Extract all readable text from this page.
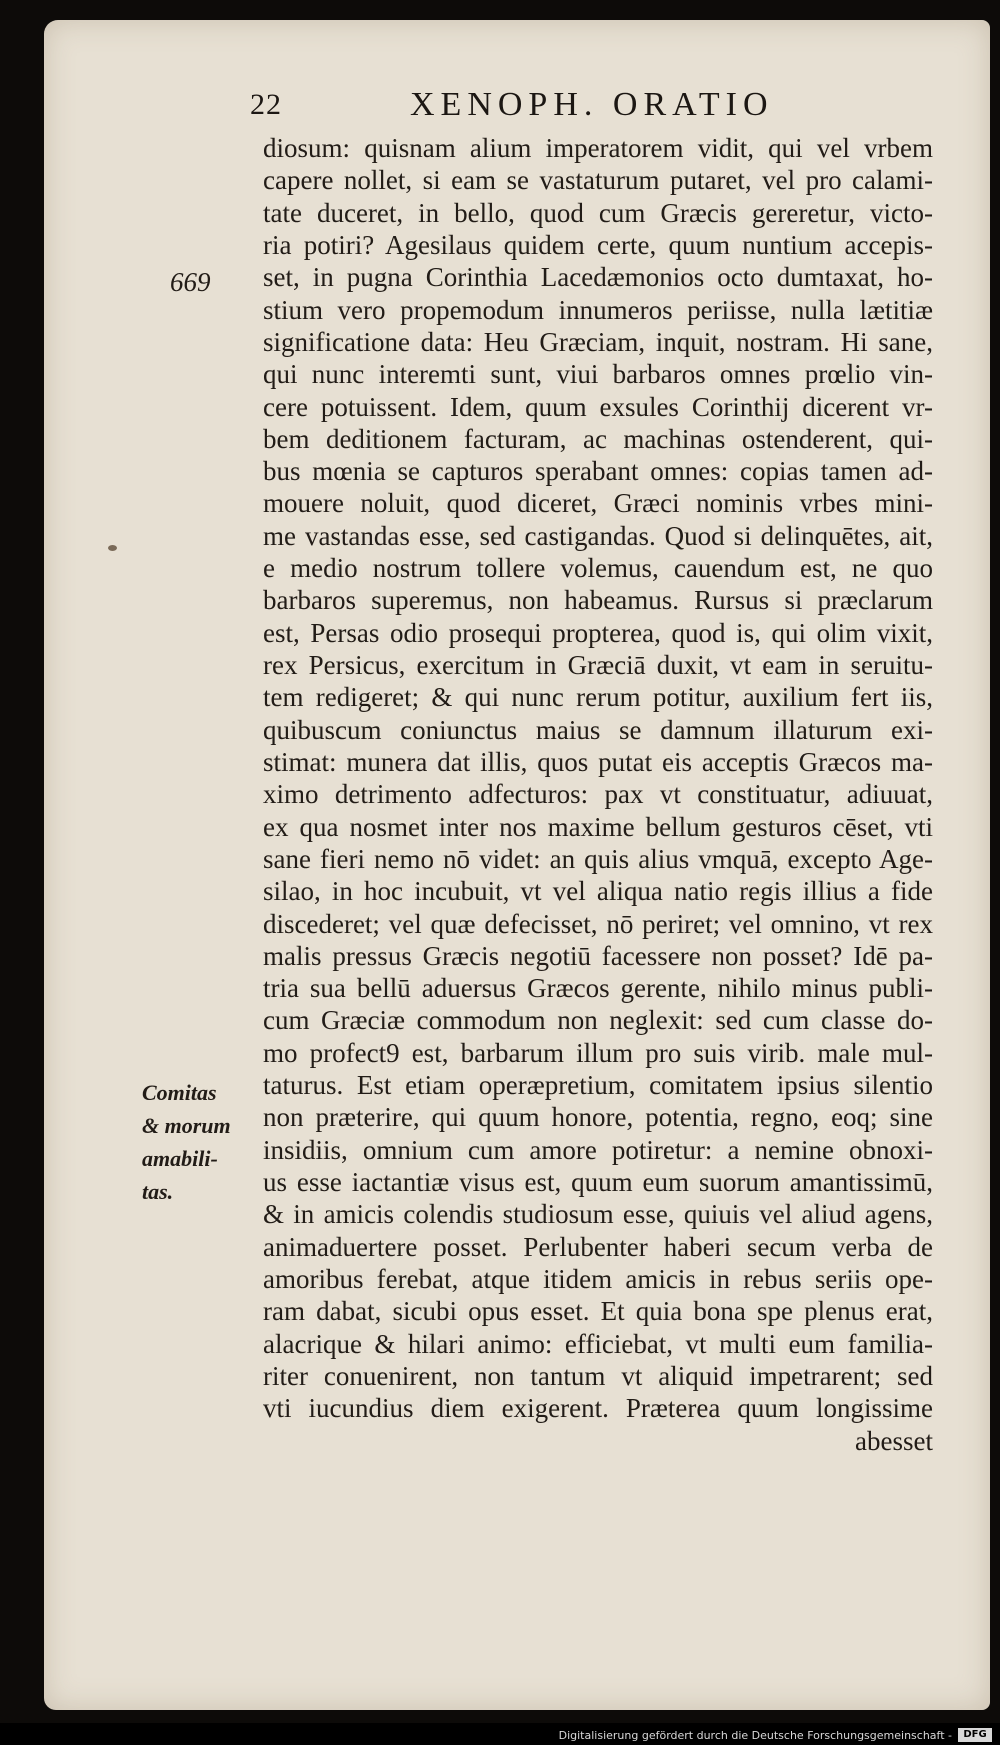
22	XENOPH. ORATIO
669
Comitas
& morum
amabili-
tas.
diosum: quisnam alium imperatorem vidit, qui vel vrbem
capere nollet, si eam se vastaturum putaret, vel pro calami-
tate duceret, in bello, quod cum Græcis gereretur, victo-
ria potiri? Agesilaus quidem certe, quum nuntium accepis-
set, in pugna Corinthia Lacedæmonios octo dumtaxat, ho-
stium vero propemodum innumeros periisse, nulla lætitiæ
significatione data: Heu Græciam, inquit, nostram. Hi sane,
qui nunc interemti sunt, viui barbaros omnes prœlio vin-
cere potuissent. Idem, quum exsules Corinthij dicerent vr-
bem deditionem facturam, ac machinas ostenderent, qui-
bus mœnia se capturos sperabant omnes: copias tamen ad-
mouere noluit, quod diceret, Græci nominis vrbes mini-
me vastandas esse, sed castigandas. Quod si delinquētes, ait,
e medio nostrum tollere volemus, cauendum est, ne quo
barbaros superemus, non habeamus. Rursus si præclarum
est, Persas odio prosequi propterea, quod is, qui olim vixit,
rex Persicus, exercitum in Græciā duxit, vt eam in seruitu-
tem redigeret; & qui nunc rerum potitur, auxilium fert iis,
quibuscum coniunctus maius se damnum illaturum exi-
stimat: munera dat illis, quos putat eis acceptis Græcos ma-
ximo detrimento adfecturos: pax vt constituatur, adiuuat,
ex qua nosmet inter nos maxime bellum gesturos cēset, vti
sane fieri nemo nō videt: an quis alius vmquā, excepto Age-
silao, in hoc incubuit, vt vel aliqua natio regis illius a fide
discederet; vel quæ defecisset, nō periret; vel omnino, vt rex
malis pressus Græcis negotiū facessere non posset? Idē pa-
tria sua bellū aduersus Græcos gerente, nihilo minus publi-
cum Græciæ commodum non neglexit: sed cum classe do-
mo profect9 est, barbarum illum pro suis virib. male mul-
taturus. Est etiam operæpretium, comitatem ipsius silentio
non præterire, qui quum honore, potentia, regno, eoq; sine
insidiis, omnium cum amore potiretur: a nemine obnoxi-
us esse iactantiæ visus est, quum eum suorum amantissimū,
& in amicis colendis studiosum esse, quiuis vel aliud agens,
animaduertere posset. Perlubenter haberi secum verba de
amoribus ferebat, atque itidem amicis in rebus seriis ope-
ram dabat, sicubi opus esset. Et quia bona spe plenus erat,
alacrique & hilari animo: efficiebat, vt multi eum familia-
riter conuenirent, non tantum vt aliquid impetrarent; sed
vti iucundius diem exigerent. Præterea quum longissime
abesset
Digitalisierung gefördert durch die Deutsche Forschungsgemeinschaft -	DFG
